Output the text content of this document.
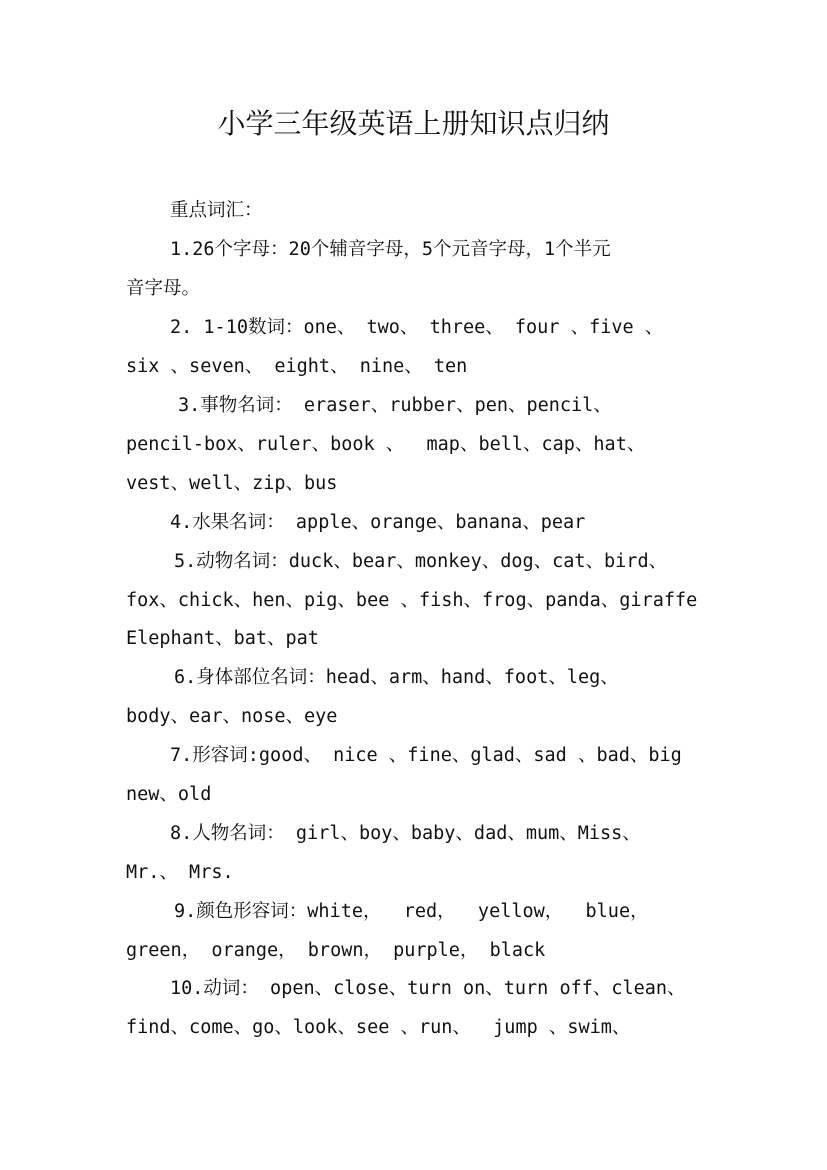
小学三年级英语上册知识点归纳
重点词汇：
1.26个字母：20个辅音字母，5个元音字母，1个半元
音字母。
2. 1-10数词：one、 two、 three、 four 、five 、
six 、seven、 eight、 nine、 ten
3.事物名词： eraser、rubber、pen、pencil、
pencil-box、ruler、book 、  map、bell、cap、hat、
vest、well、zip、bus
4.水果名词： apple、orange、banana、pear
5.动物名词：duck、bear、monkey、dog、cat、bird、
fox、chick、hen、pig、bee 、fish、frog、panda、giraffe
Elephant、bat、pat
6.身体部位名词：head、arm、hand、foot、leg、
body、ear、nose、eye
7.形容词:good、 nice 、fine、glad、sad 、bad、big
new、old
8.人物名词： girl、boy、baby、dad、mum、Miss、
Mr.、 Mrs.
9.颜色形容词：white，  red，  yellow，  blue，
green， orange， brown， purple， black
10.动词： open、close、turn on、turn off、clean、
find、come、go、look、see 、run、  jump 、swim、
